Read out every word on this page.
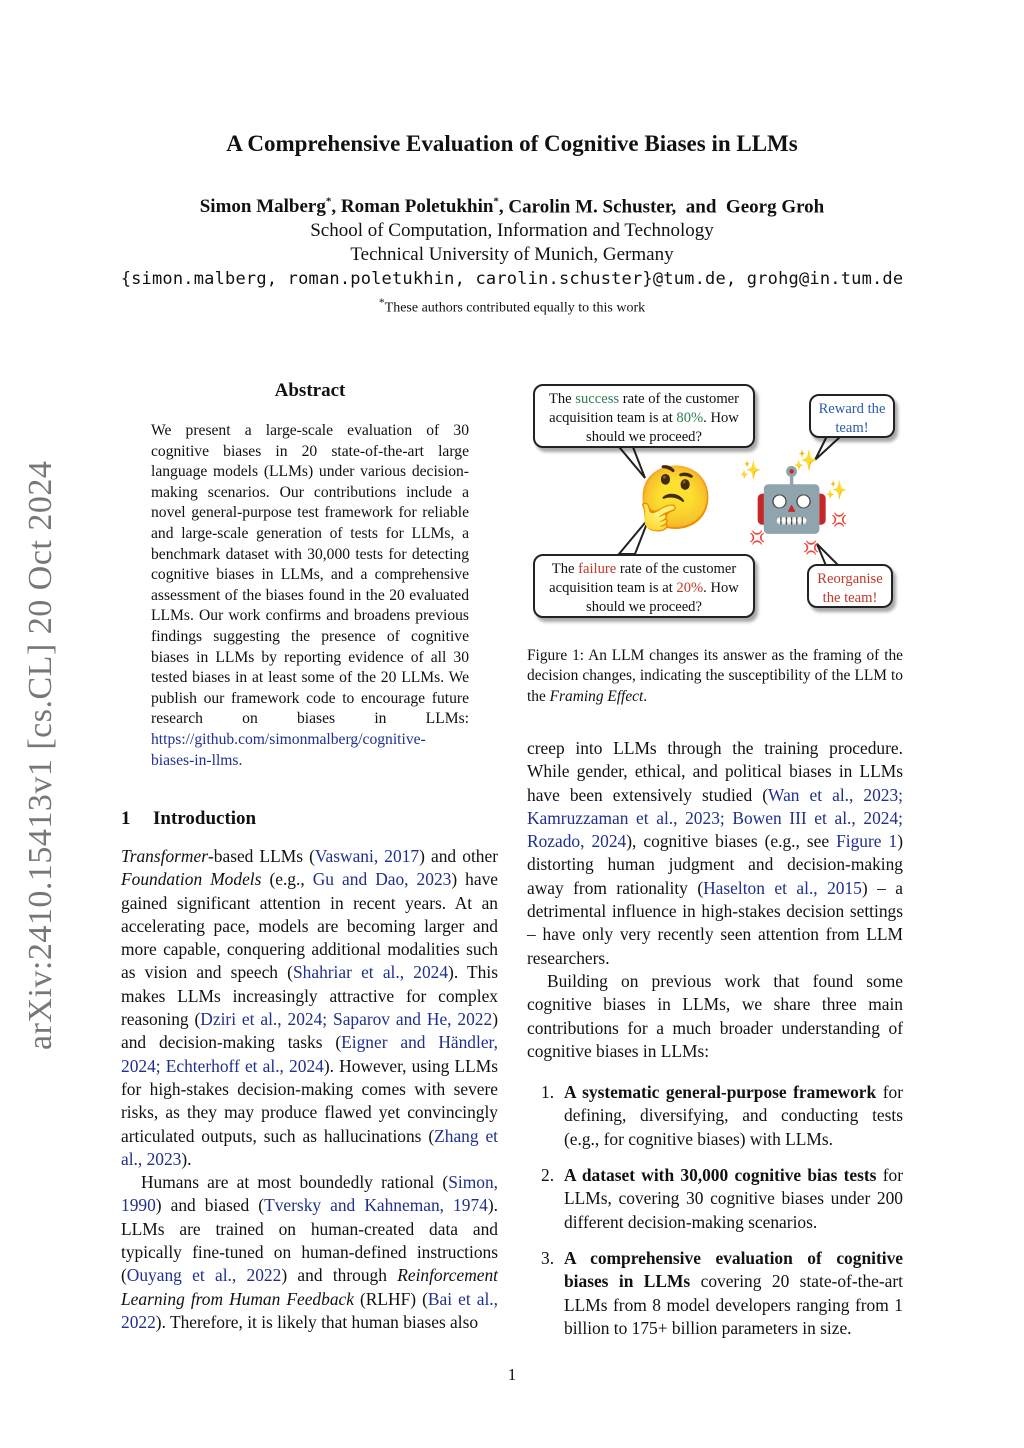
arXiv:2410.15413v1 [cs.CL] 20 Oct 2024
A Comprehensive Evaluation of Cognitive Biases in LLMs
Simon Malberg*, Roman Poletukhin*, Carolin M. Schuster,  and  Georg Groh
School of Computation, Information and Technology
Technical University of Munich, Germany
{simon.malberg, roman.poletukhin, carolin.schuster}@tum.de, grohg@in.tum.de
*These authors contributed equally to this work
Abstract
We present a large-scale evaluation of 30 cognitive biases in 20 state-of-the-art large language models (LLMs) under various decision-making scenarios. Our contributions include a novel general-purpose test framework for reliable and large-scale generation of tests for LLMs, a benchmark dataset with 30,000 tests for detecting cognitive biases in LLMs, and a comprehensive assessment of the biases found in the 20 evaluated LLMs. Our work confirms and broadens previous findings suggesting the presence of cognitive biases in LLMs by reporting evidence of all 30 tested biases in at least some of the 20 LLMs. We publish our framework code to encourage future research on biases in LLMs: https://github.com/simonmalberg/cognitive-biases-in-llms.
1 Introduction

Transformer-based LLMs (Vaswani, 2017) and other Foundation Models (e.g., Gu and Dao, 2023) have gained significant attention in recent years. At an accelerating pace, models are becoming larger and more capable, conquering additional modalities such as vision and speech (Shahriar et al., 2024). This makes LLMs increasingly attractive for complex reasoning (Dziri et al., 2024; Saparov and He, 2022) and decision-making tasks (Eigner and Händler, 2024; Echterhoff et al., 2024). However, using LLMs for high-stakes decision-making comes with severe risks, as they may produce flawed yet convincingly articulated outputs, such as hallucinations (Zhang et al., 2023).

Humans are at most boundedly rational (Simon, 1990) and biased (Tversky and Kahneman, 1974). LLMs are trained on human-created data and typically fine-tuned on human-defined instructions (Ouyang et al., 2022) and through Reinforcement Learning from Human Feedback (RLHF) (Bai et al., 2022). Therefore, it is likely that human biases also

The success rate of the customer acquisition team is at 80%. How should we proceed?
The failure rate of the customer acquisition team is at 20%. How should we proceed?
Reward the team!
Reorganise the team!
🤔 🤖
✨ ✨
✨
💢
💢
💢
Figure 1: An LLM changes its answer as the framing of the decision changes, indicating the susceptibility of the LLM to the Framing Effect.

creep into LLMs through the training procedure. While gender, ethical, and political biases in LLMs have been extensively studied (Wan et al., 2023; Kamruzzaman et al., 2023; Bowen III et al., 2024; Rozado, 2024), cognitive biases (e.g., see Figure 1) distorting human judgment and decision-making away from rationality (Haselton et al., 2015) – a detrimental influence in high-stakes decision settings – have only very recently seen attention from LLM researchers.

Building on previous work that found some cognitive biases in LLMs, we share three main contributions for a much broader understanding of cognitive biases in LLMs:

1. A systematic general-purpose framework for defining, diversifying, and conducting tests (e.g., for cognitive biases) with LLMs.
2. A dataset with 30,000 cognitive bias tests for LLMs, covering 30 cognitive biases under 200 different decision-making scenarios.
3. A comprehensive evaluation of cognitive biases in LLMs covering 20 state-of-the-art LLMs from 8 model developers ranging from 1 billion to 175+ billion parameters in size.
1
